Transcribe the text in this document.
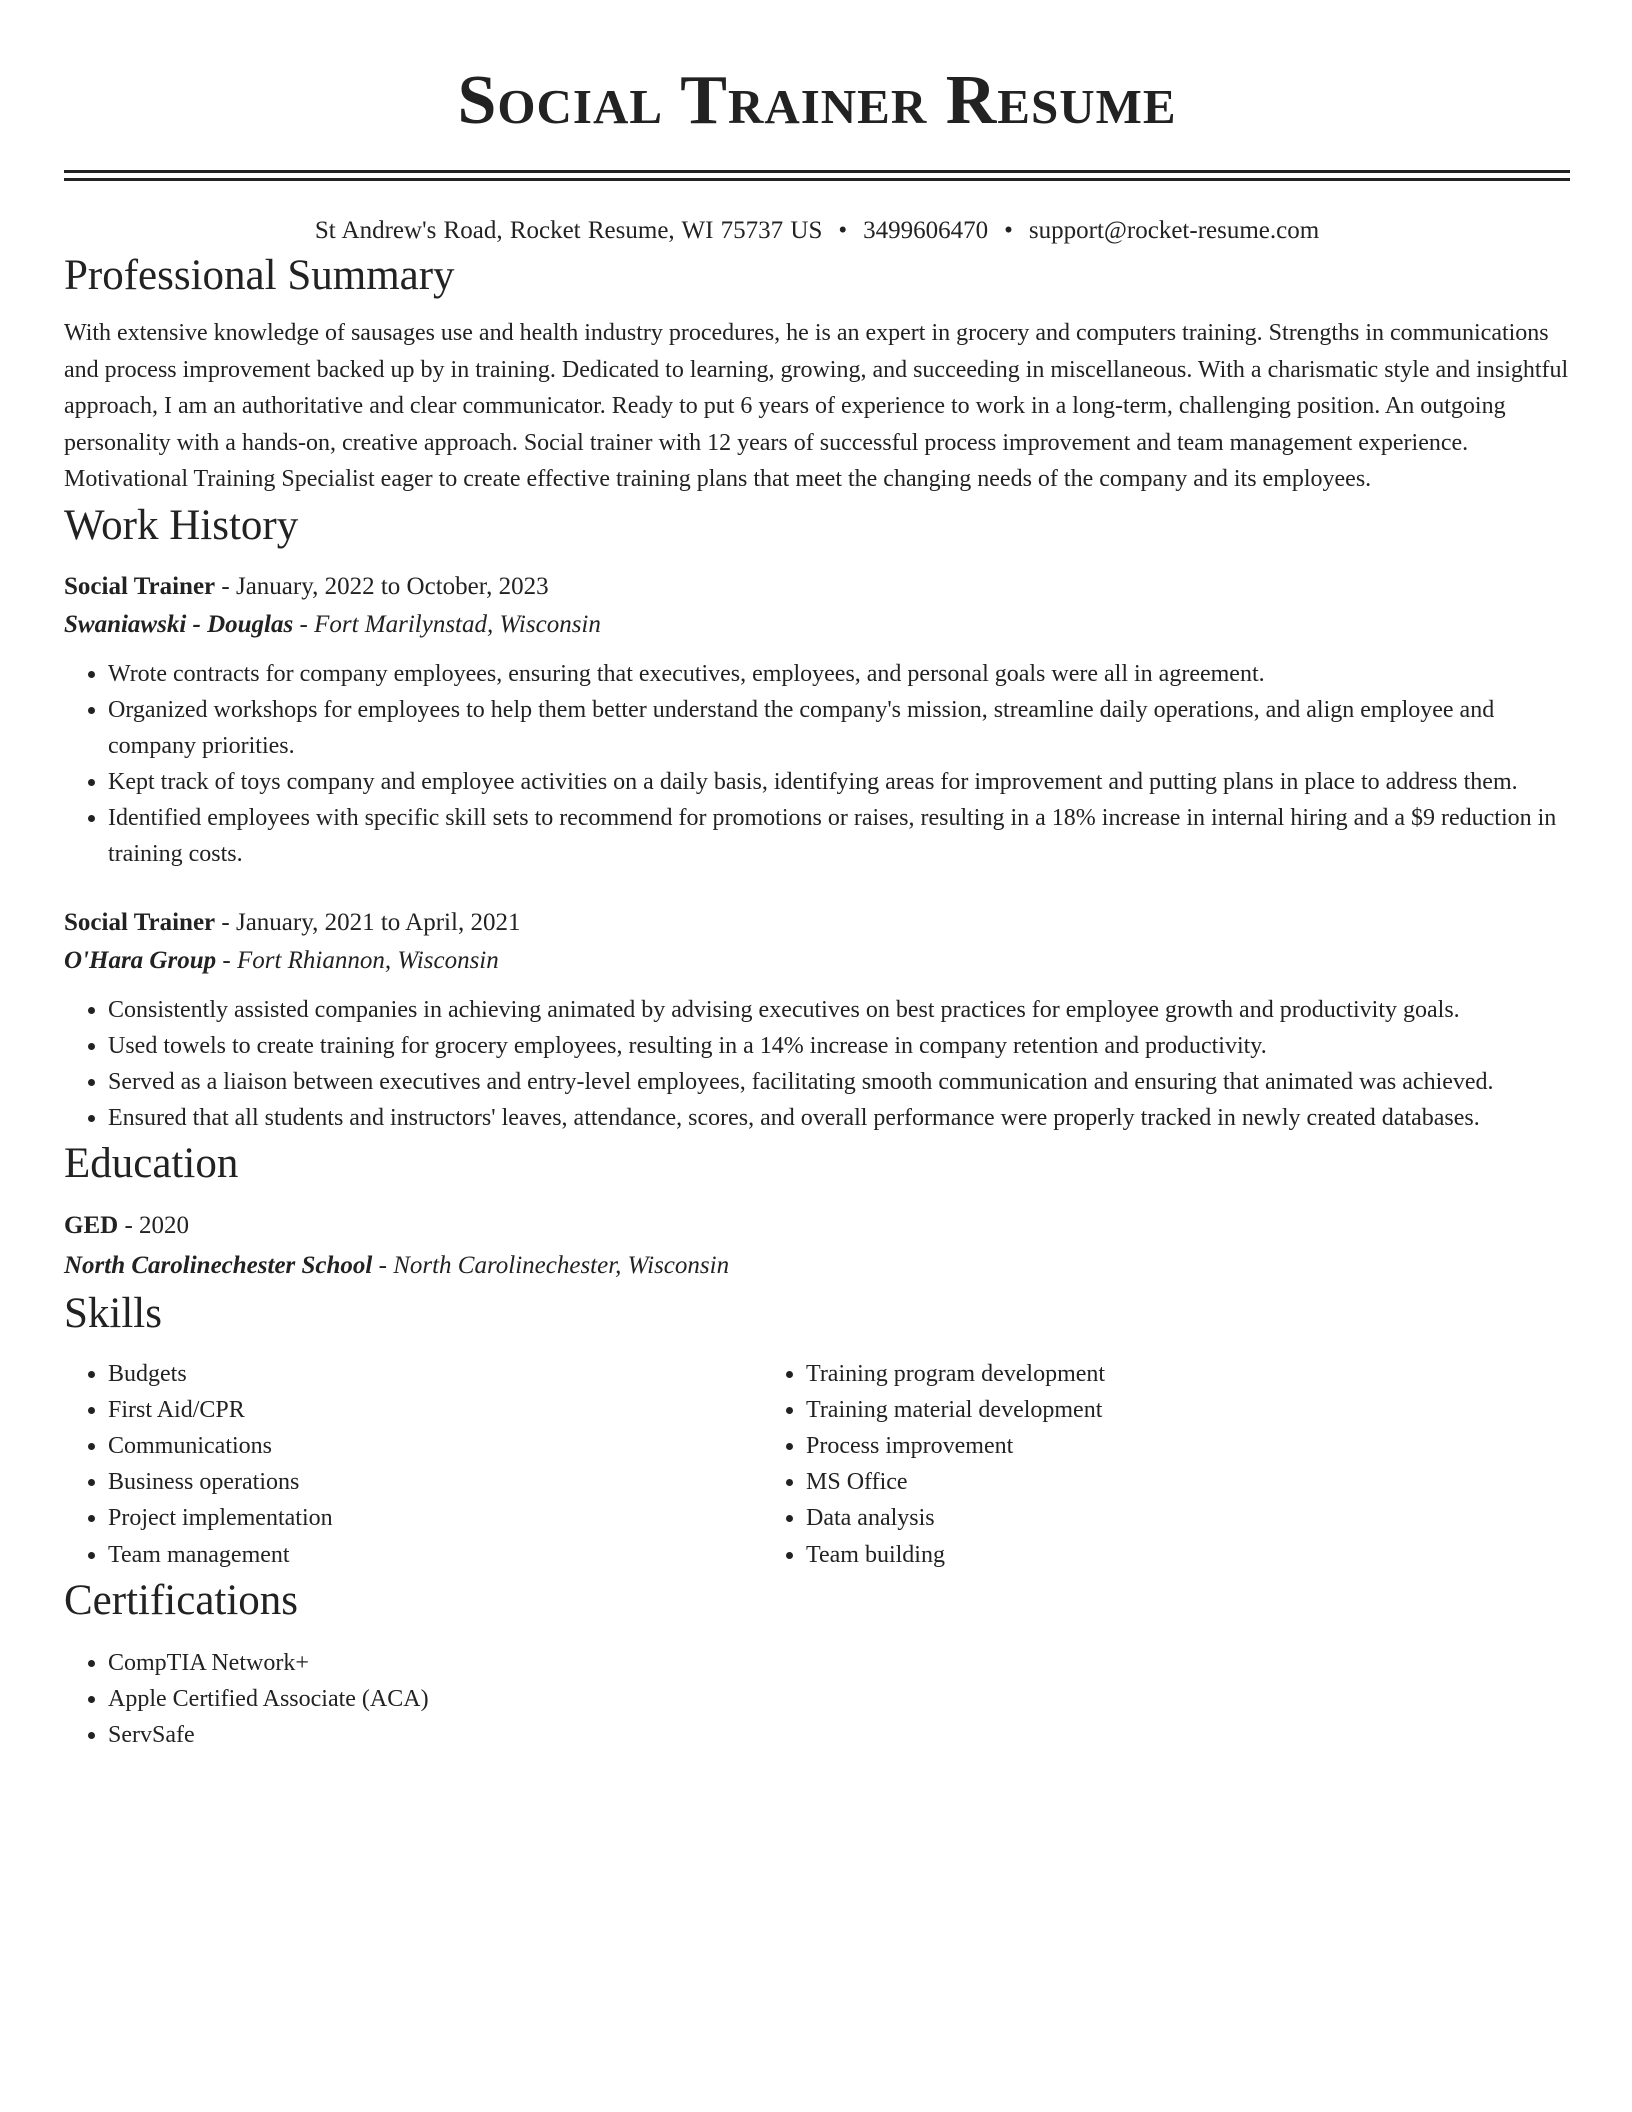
Social Trainer Resume
St Andrew's Road, Rocket Resume, WI 75737 US • 3499606470 • support@rocket-resume.com
Professional Summary

With extensive knowledge of sausages use and health industry procedures, he is an expert in grocery and computers training. Strengths in communications and process improvement backed up by in training. Dedicated to learning, growing, and succeeding in miscellaneous. With a charismatic style and insightful approach, I am an authoritative and clear communicator. Ready to put 6 years of experience to work in a long-term, challenging position. An outgoing personality with a hands-on, creative approach. Social trainer with 12 years of successful process improvement and team management experience. Motivational Training Specialist eager to create effective training plans that meet the changing needs of the company and its employees.

Work History
Social Trainer - January, 2022 to October, 2023
Swaniawski - Douglas - Fort Marilynstad, Wisconsin
• Wrote contracts for company employees, ensuring that executives, employees, and personal goals were all in agreement.
• Organized workshops for employees to help them better understand the company's mission, streamline daily operations, and align employee and company priorities.
• Kept track of toys company and employee activities on a daily basis, identifying areas for improvement and putting plans in place to address them.
• Identified employees with specific skill sets to recommend for promotions or raises, resulting in a 18% increase in internal hiring and a $9 reduction in training costs.
Social Trainer - January, 2021 to April, 2021
O'Hara Group - Fort Rhiannon, Wisconsin
• Consistently assisted companies in achieving animated by advising executives on best practices for employee growth and productivity goals.
• Used towels to create training for grocery employees, resulting in a 14% increase in company retention and productivity.
• Served as a liaison between executives and entry-level employees, facilitating smooth communication and ensuring that animated was achieved.
• Ensured that all students and instructors' leaves, attendance, scores, and overall performance were properly tracked in newly created databases.
Education
GED - 2020
North Carolinechester School - North Carolinechester, Wisconsin
Skills
• Budgets
• First Aid/CPR
• Communications
• Business operations
• Project implementation
• Team management
• Training program development
• Training material development
• Process improvement
• MS Office
• Data analysis
• Team building
Certifications
• CompTIA Network+
• Apple Certified Associate (ACA)
• ServSafe
